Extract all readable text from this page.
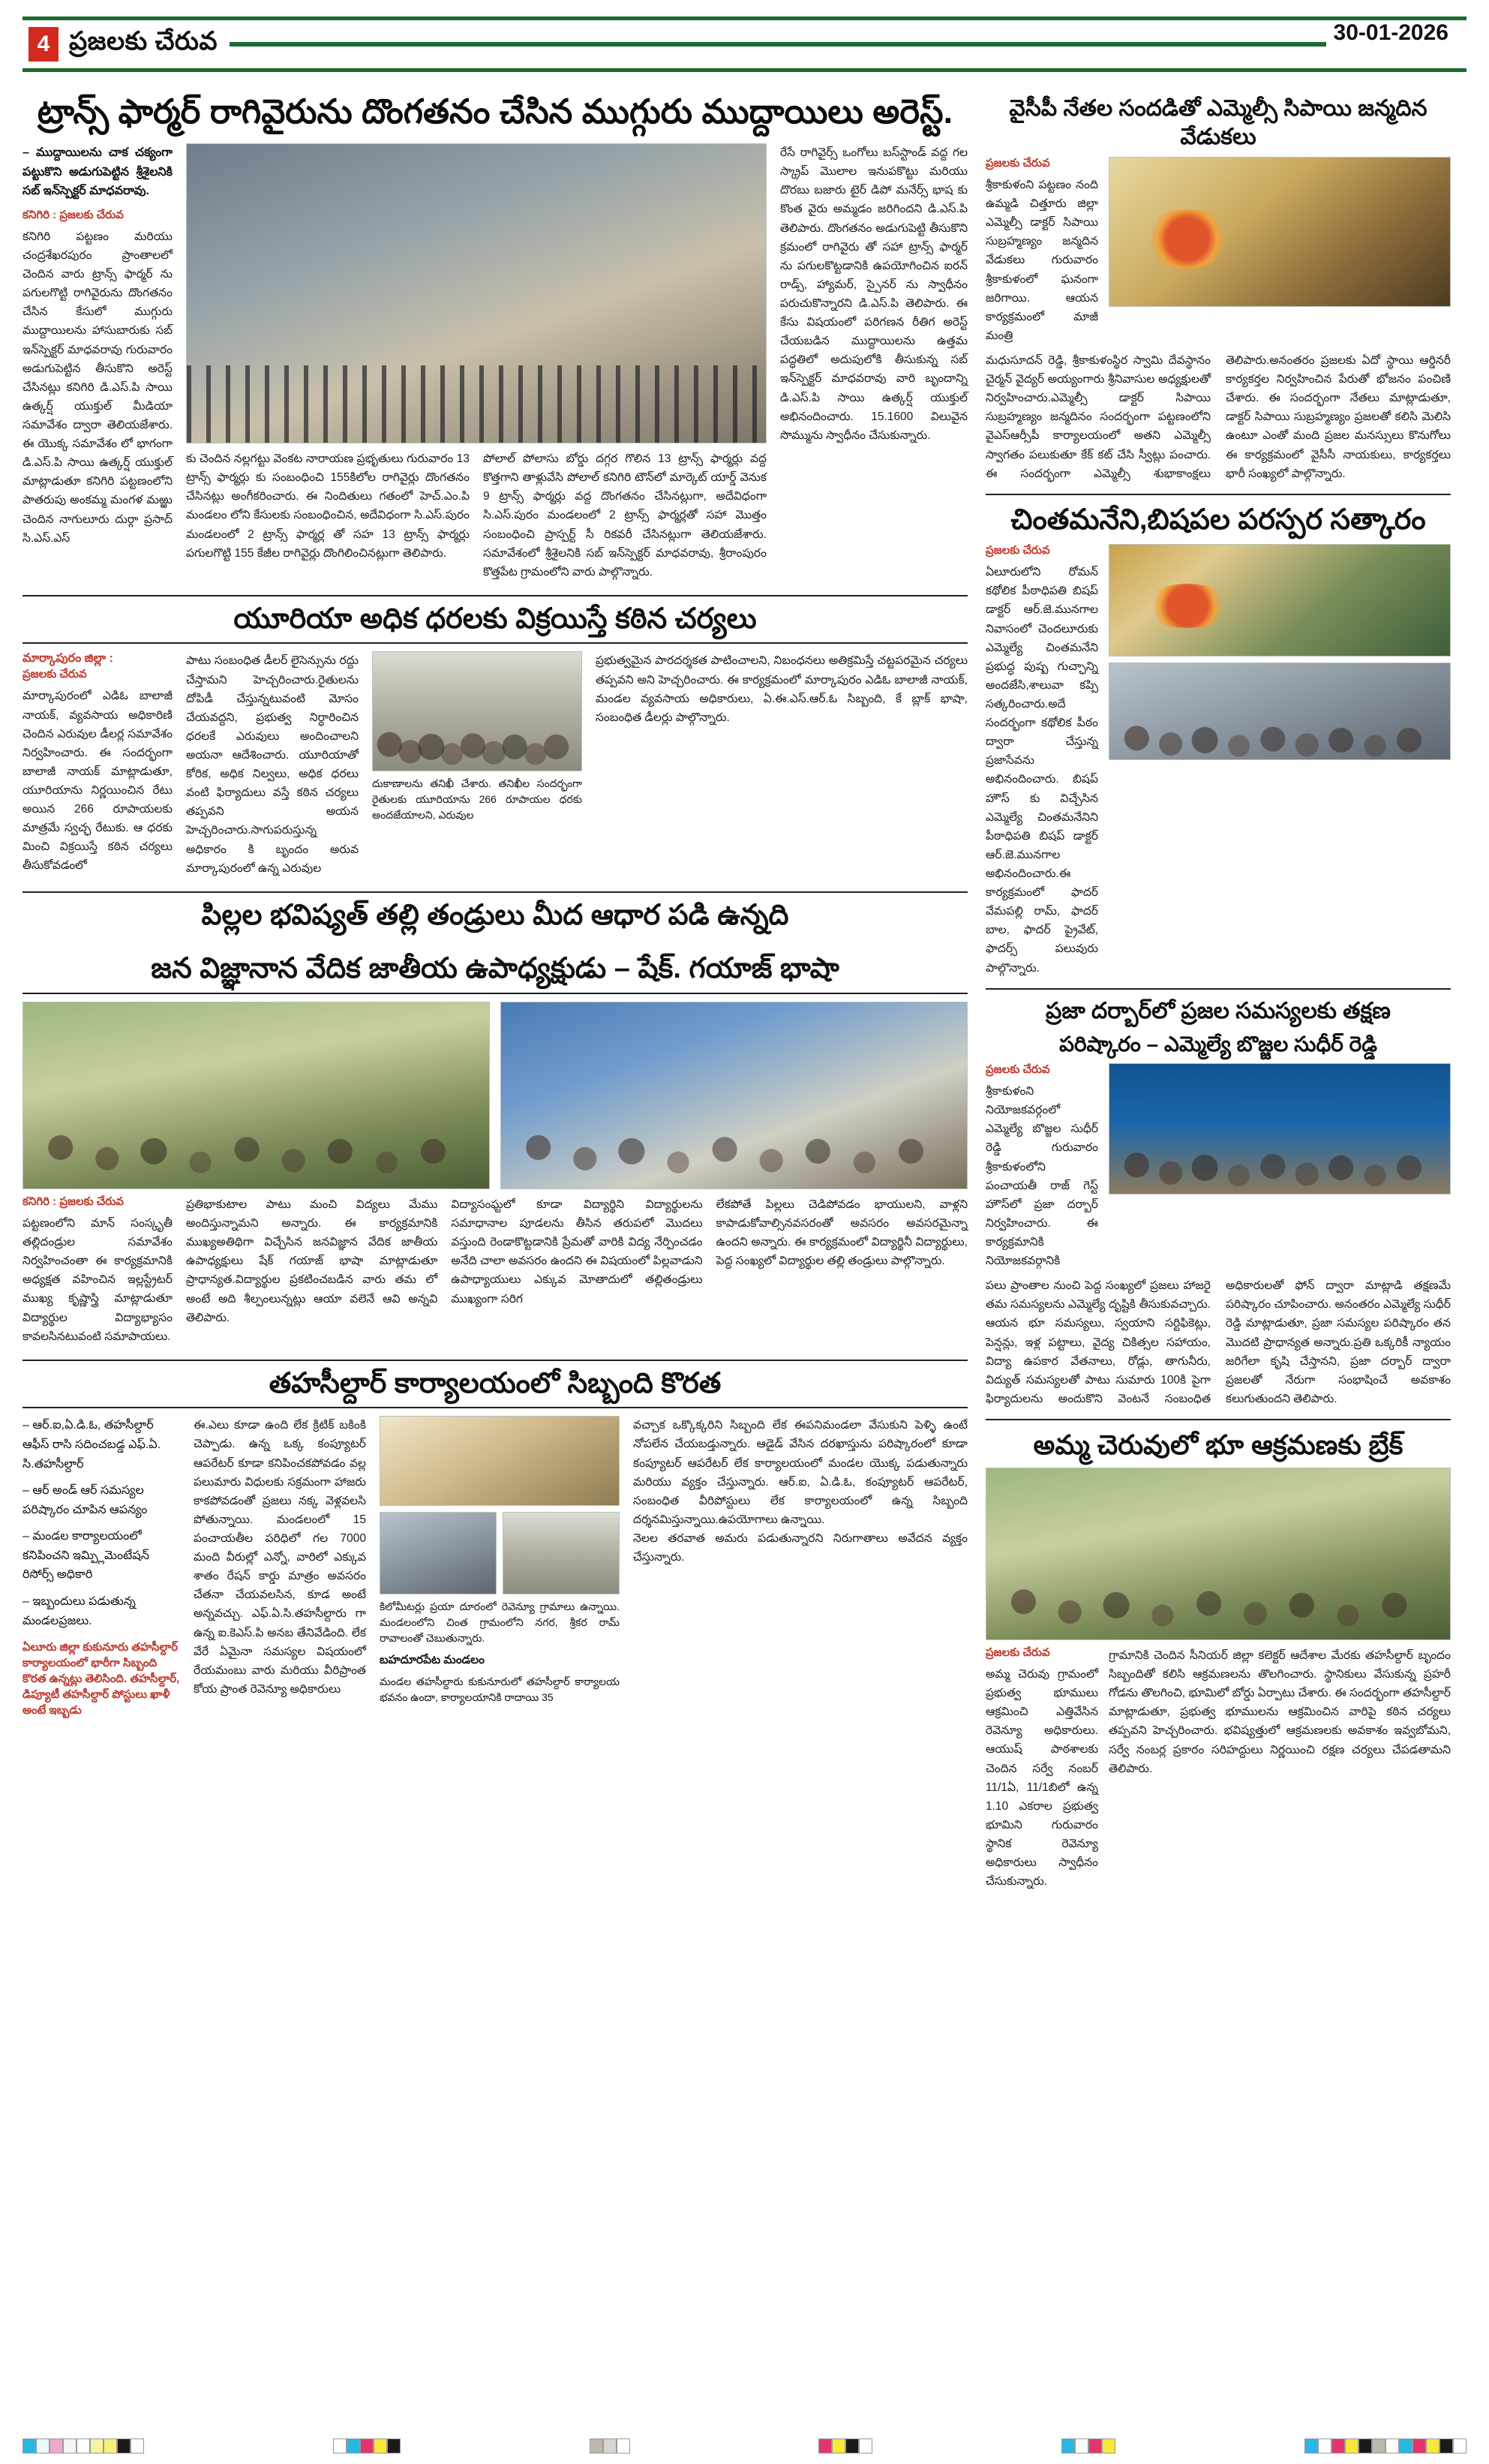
4 ప్రజలకు చేరువ	30-01-2026
ట్రాన్స్ ఫార్మర్ రాగివైరును దొంగతనం చేసిన ముగ్గురు ముద్దాయిలు అరెస్ట్.
– ముద్దాయిలను చాక చక్యంగా పట్టుకొని అడుగుపెట్టిన శ్రీశైలనికి సబ్ ఇన్‌స్పెక్టర్ మాధవరావు.
కనిగిరి : ప్రజలకు చేరువ
కనిగిరి పట్టణం మరియు చంద్రశేఖరపురం ప్రాంతాలలో చెందిన వారు ట్రాన్స్ ఫార్మర్ ను పగులగొట్టి రాగివైరును దొంగతనం చేసిన కేసులో ముగ్గురు ముద్దాయిలను హాసుబారుకు సబ్ ఇన్‌స్పెక్టర్ మాధవరావు గురువారం అడుగుపెట్టిన తీసుకొని అరెస్ట్ చేసినట్లు కనిగిరి డి.ఎస్.పి సాయి ఉత్కర్ష్ యుక్తుల్ మీడియా సమావేశం ద్వారా తెలియజేశారు. ఈ యొక్క సమావేశం లో భాగంగా డి.ఎస్.పి సాయి ఉత్కర్ష్ యుక్తుల్ మాట్లాడుతూ కనిగిరి పట్టణంలోని పాతరుపు అంకమ్మ మంగళ మఱ్ఱు చెందిన నాగులూరు దుర్గా ప్రసాద్ సి.ఎస్.ఎస్
కు చెందిన నల్లగట్టు వెంకట నారాయణ ప్రభృతులు గురువారం 13 ట్రాన్స్ ఫార్మర్లు కు సంబంధించి 155కిలోల రాగివైర్లు దొంగతనం చేసినట్లు అంగీకరించారు. ఈ నిందితులు గతంలో హెచ్.ఎం.పి మండలం లోని కేసులకు సంబంధించిన, అదేవిధంగా సి.ఎస్.పురం మండలంలో 2 ట్రాన్స్ ఫార్మర్ల తో సహ 13 ట్రాన్స్ ఫార్మర్లు పగులగొట్టి 155 కేజీల రాగివైర్లు దొంగిలించినట్లుగా తెలిపారు.
పోలాల్ పోలాసు బోర్డు దగ్గర గొలిన 13 ట్రాన్స్ ఫార్మర్లు వద్ద కొత్తగాని తాళ్లువేసి పోలాల్ కనిగిరి టౌన్‌లో మార్కెట్ యార్డ్ వెనుక 9 ట్రాన్స్ ఫార్మర్లు వద్ద దొంగతనం చేసినట్లుగా, అదేవిధంగా సి.ఎస్.పురం మండలంలో 2 ట్రాన్స్ ఫార్మర్లతో సహా మొత్తం సంబంధించి ప్రాస్పర్ట్ సీ రికవరీ చేసినట్లుగా తెలియజేశారు. సమావేశంలో శ్రీశైలనికి సబ్ ఇన్‌స్పెక్టర్ మాధవరావు, శ్రీరాంపురం కొత్తపేట గ్రామంలోని వారు పాల్గొన్నారు.
రేసే రాగివైర్స్ ఒంగోలు బస్‌స్టాండ్ వద్ద గల స్క్రాప్ మొలాల ఇనుపకొట్టు మరియు దొరబు బజారు టైర్ డిపో మనేర్స్ భాష కు కొంత వైరు అమ్మడం జరిగిందని డి.ఎస్.పి తెలిపారు. దొంగతనం అడుగుపెట్టి తీసుకొని క్రమంలో రాగివైరు తో సహా ట్రాన్స్ ఫార్మర్ ను పగులకొట్టడానికి ఉపయోగించిన ఐరన్ రాడ్స్, హ్యామర్, స్పైనర్ ను స్వాధీనం పరుచుకొన్నారని డి.ఎస్.పి తెలిపారు. ఈ కేసు విషయంలో పరిగణన రీతిగ అరెస్ట్ చేయబడిన ముద్దాయిలను ఉత్తమ పద్ధతిలో అదుపులోకి తీసుకున్న సబ్ ఇన్‌స్పెక్టర్ మాధవరావు వారి బృందాన్ని డి.ఎస్.పి సాయి ఉత్కర్ష్ యుక్తుల్ అభినందించారు. 15.1600 విలువైన సొమ్మును స్వాధీనం చేసుకున్నారు.
యూరియా అధిక ధరలకు విక్రయిస్తే కఠిన చర్యలు
మార్కాపురం జిల్లా :
ప్రజలకు చేరువ
మార్కాపురంలో ఎడిఓ బాలాజీ నాయక్, వ్యవసాయ అధికారిణి చెందిన ఎరువుల డీలర్ల సమావేశం నిర్వహించారు. ఈ సందర్భంగా బాలాజీ నాయక్ మాట్లాడుతూ, యూరియాను నిర్ణయించిన రేటు అయిన 266 రూపాయలకు మాత్రమే స్వచ్ఛ రేటుకు. ఆ ధరకు మించి విక్రయిస్తే కఠిన చర్యలు తీసుకోవడంలో
పాటు సంబంధిత డీలర్ లైసెన్సును రద్దు చేస్తామని హెచ్చరించారు.రైతులను దోపిడీ చేస్తున్నటువంటి మోసం చేయవద్దని, ప్రభుత్వ నిర్ధారించిన ధరలకే ఎరువులు అందించాలని అయనా ఆదేశించారు. యూరియాతో కోరిక, అధిక నిల్వలు, అధిక ధరలు వంటి ఫిర్యాదులు వస్తే కఠిన చర్యలు తప్పవని అయన హెచ్చరించారు.సాగుపరుస్తున్న అధికారం కి బృందం అరువ మార్కాపురంలో ఉన్న ఎరువుల
దుకాణాలను తనిఖీ చేశారు. తనిఖీల సందర్భంగా రైతులకు యూరియాను 266 రూపాయల ధరకు అందజేయాలని, ఎరువుల
ప్రభుత్వమైన పారదర్శకత పాటించాలని, నిబంధనలు అతిక్రమిస్తే చట్టపరమైన చర్యలు తప్పవని అని హెచ్చరించారు. ఈ కార్యక్రమంలో మార్కాపురం ఎడిఓ బాలాజీ నాయక్, మండల వ్యవసాయ అధికారులు, ఏ.ఈ.ఎస్.ఆర్.ఓ సిబ్బంది, కే బ్లాక్ భాషా, సంబంధిత డీలర్లు పాల్గొన్నారు.
పిల్లల భవిష్యత్ తల్లి తండ్రులు మీద ఆధార పడి ఉన్నది
జన విజ్ఞానాన వేదిక జాతీయ ఉపాధ్యక్షుడు – షేక్. గయాజ్ భాషా
కనిగిరి : ప్రజలకు చేరువ
పట్టణంలోని మాన్ సంస్కృతీ తల్లిదండ్రుల సమావేశం నిర్వహించంతా ఈ కార్యక్రమానికి అధ్యక్షత వహించిన ఇల్లస్ట్రేటర్ ముఖ్య కృష్ణాస్త్రి మాట్లాడుతూ విద్యార్థుల విద్యాభ్యాసం కావలసినటువంటి సమాపాయలు.
ప్రతిభాకుటాల పాటు మంచి విద్యలు మేము అందిస్తున్నామని అన్నారు. ఈ కార్యక్రమానికి ముఖ్యఅతిథిగా విచ్చేసిన జనవిజ్ఞాన వేదిక జాతీయ ఉపాధ్యక్షులు షేక్ గయాజ్ భాషా మాట్లాడుతూ ప్రాధాన్యత.విద్యార్థుల ప్రకటించబడిన వారు తమ లో అంటే అది శీల్పంలున్నట్లు ఆయా వలెనే ఆవి అన్నవి తెలిపారు.
విద్యాసంఘ్టలో కూడా విద్యార్థిని విద్యార్థులను సమాధానాల పూడలను తీసిన తరుపలో మొదలు వస్తుంది రెండాకొట్టడానికి ప్రేమతో వారికి విద్య నేర్పించడం అనేది చాలా అవసరం ఉందని ఈ విషయంలో పిల్లవాడుని ఉపాధ్యాయులు ఎక్కువ మోతాదులో తల్లితండ్రులు ముఖ్యంగా సరిగ
లేకపోతే పిల్లలు చెడిపోవడం భాయులని, వాళ్లని కాపాడుకోవాల్సినవసరంతో అవసరం అవసరమైన్నా ఉందని అన్నారు. ఈ కార్యక్రమంలో విద్యార్థినీ విద్యార్థులు, పెద్ద సంఖ్యలో విద్యార్థుల తల్లి తండ్రులు పాల్గొన్నారు.
తహసీల్దార్ కార్యాలయంలో సిబ్బంది కొరత
– ఆర్.ఐ,ఏ.డి.ఓ, తహసీల్దార్ ఆఫీస్ రాసి సదించబడ్డ ఎఫ్.ఏ. సి.తహసీల్దార్
– ఆర్ అండ్ ఆర్ సమస్యల పరిష్కారం చూపిన ఆపన్యం
– మండల కార్యాలయంలో కనిపించని ఇమ్ప్లిమెంటేషన్ రిసోర్స్ అధికారి
– ఇబ్బందులు పడుతున్న మండలప్రజలు.
ఏలూరు జిల్లా కుకునూరు తహసీల్దార్ కార్యాలయంలో భారీగా సిబ్బంది కొరత ఉన్నట్లు తెలిసింది. తహసీల్దార్, డిప్యూటీ తహసీల్దార్ పోస్టులు ఖాళీ అంటే ఇబ్బడు
ఈ.ఎలు కూడా ఉంది లేక క్రిటిక్ బకింకి చెప్పాడు. ఉన్న ఒక్క కంప్యూటర్ ఆపరేటర్ కూడా కనిపించకపోవడం వల్ల పలుమారు విధులకు సక్రమంగా హాజరు కాకపోవడంతో ప్రజలు నక్క వెళ్లవలసి పోతున్నాయి. మండలంలో 15 పంచాయతీల పరిధిలో గల 7000 మంది వీరుల్లో ఎన్నో, వారిలో ఎక్కువ శాతం రేషన్ కార్డు మాత్రం అవసరం చేతనా చేయవలసిన, కూడ అంటే అన్నవచ్చు. ఎఫ్.ఏ.సి.తహసీల్దారు గా ఉన్న ఐ.కెఎస్.పి అనబ తేనివేడింది. లేక వేరే ఏమైనా సమస్యల విషయంలో రేయమంబు వారు మరియు వీరిప్రాంత కోయ ప్రాంత రెవెన్యూ అధికారులు
కిలోమీటర్లు ప్రయా దూరంలో రెవెన్యూ గ్రామాలు ఉన్నాయి. మండలంలోని చింత గ్రామంలోని నగర, శ్రీకర రామ్ రావాలంతో చెబుతున్నారు.
బహదూరపేట మండలం
మండల తహసీల్దారు కుకునూరులో తహసీల్దార్ కార్యాలయ భవనం ఉందా, కార్యాలయానికి రాదాయి 35
వచ్చాక ఒక్కొక్కరిని సిబ్బంది లేక ఈపనిమండలా వేసుకుని పెళ్ళి ఉంటే నోపలేన చేయబడ్తున్నారు. ఆడైడ్ వేసిన దరఖాస్తును పరిష్కారంలో కూడా కంప్యూటర్ ఆపరేటర్ లేక కార్యాలయంలో మండల యొక్క పడుతున్నారు మరియు వ్యక్తం చేస్తున్నారు. ఆర్.ఐ, ఏ.డి.ఓ, కంప్యూటర్ ఆపరేటర్, సంబంధిత వీరిపోస్టులు లేక కార్యాలయంలో ఉన్న సిబ్బంది దర్శనమిస్తున్నాయి.ఉపయోగాలు ఉన్నాయి.
నెలల తరవాత అమరు పడుతున్నారని నిరుగాతాలు అవేదన వ్యక్తం చేస్తున్నారు.
వైసీపీ నేతల సందడితో ఎమ్మెల్సీ సిపాయి జన్మదిన వేడుకలు
ప్రజలకు చేరువ
శ్రీకాకుళంని పట్టణం నంది ఉమ్మడి చిత్తూరు జిల్లా ఎమ్మెల్సీ డాక్టర్ సిపాయి సుబ్రహ్మణ్యం జన్మదిన వేడుకలు గురువారం శ్రీకాకుళంలో ఘనంగా జరిగాయి. ఆయన కార్యక్రమంలో మాజీ మంత్రి
మధుసూదన్ రెడ్డి, శ్రీకాకుళంస్థిర స్వామి దేవస్థానం చైర్మన్ వైద్యర్ అయ్యంగారు శ్రీనివాసుల అధ్యక్షులతో నిర్వహించారు.ఎమ్మెల్సీ డాక్టర్ సిపాయి సుబ్రహ్మణ్యం జన్మదినం సందర్భంగా పట్టణంలోని వైఎస్ఆర్సీపీ కార్యాలయంలో అతని ఎమ్మెల్సీ స్వాగతం పలుకుతూ కేక్ కట్ చేసి స్వీట్లు పంచారు. ఈ సందర్భంగా ఎమ్మెల్సీ శుభాకాంక్షలు తెలిపారు.అనంతరం ప్రజలకు ఏదో స్థాయి ఆర్డినరీ కార్యకర్తల నిర్వహించిన పేరుతో భోజనం పంచిణి చేశారు. ఈ సందర్భంగా నేతలు మాట్లాడుతూ, డాక్టర్ సిపాయి సుబ్రహ్మణ్యం ప్రజలతో కలిసి మెలిసి ఉంటూ ఎంతో మంది ప్రజల మనస్సులు కొనుగోలు ఈ కార్యక్రమంలో వైసీసీ నాయకులు, కార్యకర్తలు భారీ సంఖ్యలో పాల్గొన్నారు.
చింతమనేని,బిషపల పరస్పర సత్కారం
ప్రజలకు చేరువ
ఏలూరులోని రోమన్ కథోలిక పీఠాధిపతి బిషప్ డాక్టర్ ఆర్.జె.మునగాల నివాసంలో చెందలూరుకు ఎమ్మెల్యే చింతమనేని ప్రభుద్ధ పుష్ప గుచ్ఛాన్ని అందజేసి,శాలువా కప్పి సత్కరించారు.అదే సందర్భంగా కథోలిక పీఠం ద్వారా చేస్తున్న ప్రజాసేవను అభినందించారు. బిషప్ హౌస్ కు విచ్చేసిన ఎమ్మెల్యే చింతమనేనిని పీఠాధిపతి బిషప్ డాక్టర్ ఆర్.జె.మునగాల అభినందించారు.ఈ కార్యక్రమంలో ఫాదర్ వేమపల్లి రామ్, ఫాదర్ బాల, ఫాదర్ ప్రైవేట్, ఫాదర్స్ పలువురు పాల్గొన్నారు.
ప్రజా దర్బార్‌లో ప్రజల సమస్యలకు తక్షణ
పరిష్కారం – ఎమ్మెల్యే బొజ్జల సుధీర్ రెడ్డి
ప్రజలకు చేరువ
శ్రీకాకుళంని నియోజకవర్గంలో ఎమ్మెల్యే బొజ్జల సుధీర్ రెడ్డి గురువారం శ్రీకాకుళంలోని పంచాయతీ రాజ్ గెస్ట్ హౌస్‌లో ప్రజా దర్బార్ నిర్వహించారు. ఈ కార్యక్రమానికి నియోజకవర్గానికి
పలు ప్రాంతాల నుంచి పెద్ద సంఖ్యలో ప్రజలు హాజరై తమ సమస్యలను ఎమ్మెల్యే దృష్టికి తీసుకువచ్చారు. ఆయన భూ సమస్యలు, స్వయాని సర్టిఫికెట్లు, పెన్షన్లు, ఇళ్ల పట్టాలు, వైద్య చికిత్సల సహాయం, విద్యా ఉపకార వేతనాలు, రోడ్లు, తాగునీరు, విద్యుత్ సమస్యలతో పాటు సుమారు 100కి పైగా ఫిర్యాదులను అందుకొని వెంటనే సంబంధిత అధికారులతో ఫోన్ ద్వారా మాట్లాడి తక్షణమే పరిష్కారం చూపించారు. అనంతరం ఎమ్మెల్యే సుధీర్ రెడ్డి మాట్లాడుతూ, ప్రజా సమస్యల పరిష్కారం తన మొదటి ప్రాధాన్యత అన్నారు.ప్రతి ఒక్కరికీ న్యాయం జరిగేలా కృషి చేస్తానని, ప్రజా దర్బార్ ద్వారా ప్రజలతో నేరుగా సంభాషించే అవకాశం కలుగుతుందని తెలిపారు.
అమ్మ చెరువులో భూ ఆక్రమణకు బ్రేక్
ప్రజలకు చేరువ
అమ్మ చెరువు గ్రామంలో ప్రభుత్వ భూములు ఆక్రమించి ఎత్తివేసిన రెవెన్యూ అధికారులు. ఆయుష్ పాఠశాలకు చెందిన సర్వే నంబర్ 11/1ఏ, 11/1బిలో ఉన్న 1.10 ఎకరాల ప్రభుత్వ భూమిని గురువారం స్థానిక రెవెన్యూ అధికారులు స్వాధీనం చేసుకున్నారు.
గ్రామానికి చెందిన సీనియర్ జిల్లా కలెక్టర్ ఆదేశాల మేరకు తహసీల్దార్ బృందం సిబ్బందితో కలిసి ఆక్రమణలను తొలగించారు. స్థానికులు వేసుకున్న ప్రహరీ గోడను తొలగించి, భూమిలో బోర్డు ఏర్పాటు చేశారు. ఈ సందర్భంగా తహసీల్దార్ మాట్లాడుతూ, ప్రభుత్వ భూములను ఆక్రమించిన వారిపై కఠిన చర్యలు తప్పవని హెచ్చరించారు. భవిష్యత్తులో ఆక్రమణలకు అవకాశం ఇవ్వబోమని, సర్వే నంబర్ల ప్రకారం సరిహద్దులు నిర్ణయించి రక్షణ చర్యలు చేపడతామని తెలిపారు.
